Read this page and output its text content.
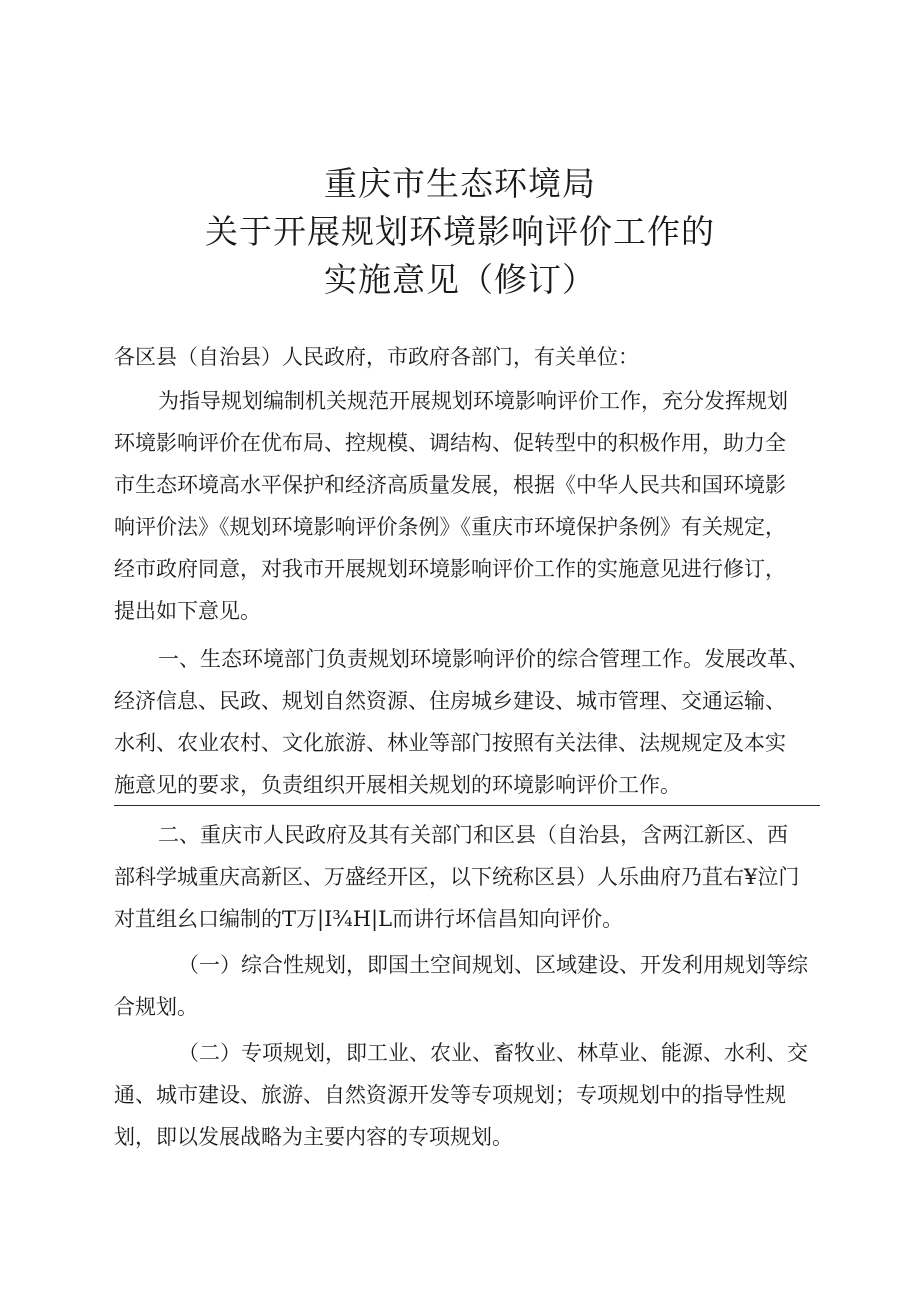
重庆市生态环境局
关于开展规划环境影响评价工作的
实施意见（修订）
各区县（自治县）人民政府，市政府各部门，有关单位：
为指导规划编制机关规范开展规划环境影响评价工作，充分发挥规划
环境影响评价在优布局、控规模、调结构、促转型中的积极作用，助力全
市生态环境高水平保护和经济高质量发展，根据《中华人民共和国环境影
响评价法》《规划环境影响评价条例》《重庆市环境保护条例》有关规定，
经市政府同意，对我市开展规划环境影响评价工作的实施意见进行修订，
提出如下意见。
一、生态环境部门负责规划环境影响评价的综合管理工作。发展改革、
经济信息、民政、规划自然资源、住房城乡建设、城市管理、交通运输、
水利、农业农村、文化旅游、林业等部门按照有关法律、法规规定及本实
施意见的要求，负责组织开展相关规划的环境影响评价工作。
二、重庆市人民政府及其有关部门和区县（自治县，含两江新区、西
部科学城重庆高新区、万盛经开区，以下统称区县）人乐曲府乃苴右¥泣门
对苴组幺口编制的T万|I¾H|L而讲行坏信昌知向评价。
（一）综合性规划，即国土空间规划、区域建设、开发利用规划等综
合规划。
（二）专项规划，即工业、农业、畜牧业、林草业、能源、水利、交
通、城市建设、旅游、自然资源开发等专项规划；专项规划中的指导性规
划，即以发展战略为主要内容的专项规划。
